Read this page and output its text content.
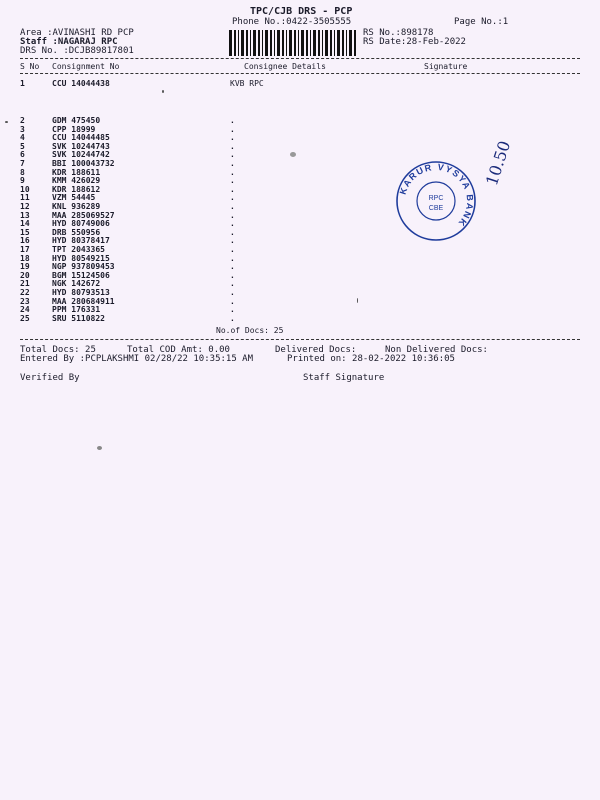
TPC/CJB DRS - PCP
Phone No.:0422-3505555	Page No.:1
Area :AVINASHI RD PCP
Staff :NAGARAJ RPC
DRS No. :DCJB89817801
RS No.:898178
RS Date:28-Feb-2022
S No Consignment No	Consignee Details	Signature
1	CCU 14044438	KVB RPC
2	GDM 475450	.
3	CPP 18999	.
4	CCU 14044485	.
5	SVK 10244743	.
6	SVK 10244742	.
7	BBI 100043732	.
8	KDR 188611	.
9	KMM 426029	.
10	KDR 188612	.
11	VZM 54445	.
12	KNL 936289	.
13	MAA 285069527	.
14	HYD 80749006	.
15	DRB 550956	.
16	HYD 80378417	.
17	TPT 2043365	.
18	HYD 80549215	.
19	NGP 937809453	.
20	BGM 15124506	.
21	NGK 142672	.
22	HYD 80793513	.
23	MAA 280684911	.
24	PPM 176331	.
25	SRU 5110822	.
No.of Docs: 25
Total Docs: 25	Total COD Amt: 0.00	Delivered Docs:	Non Delivered Docs:
Entered By :PCPLAKSHMI 02/28/22 10:35:15 AM	Printed on: 28-02-2022 10:36:05
Verified By	Staff Signature
KARUR VYSYA BANK
RPC
CBE
10.50
